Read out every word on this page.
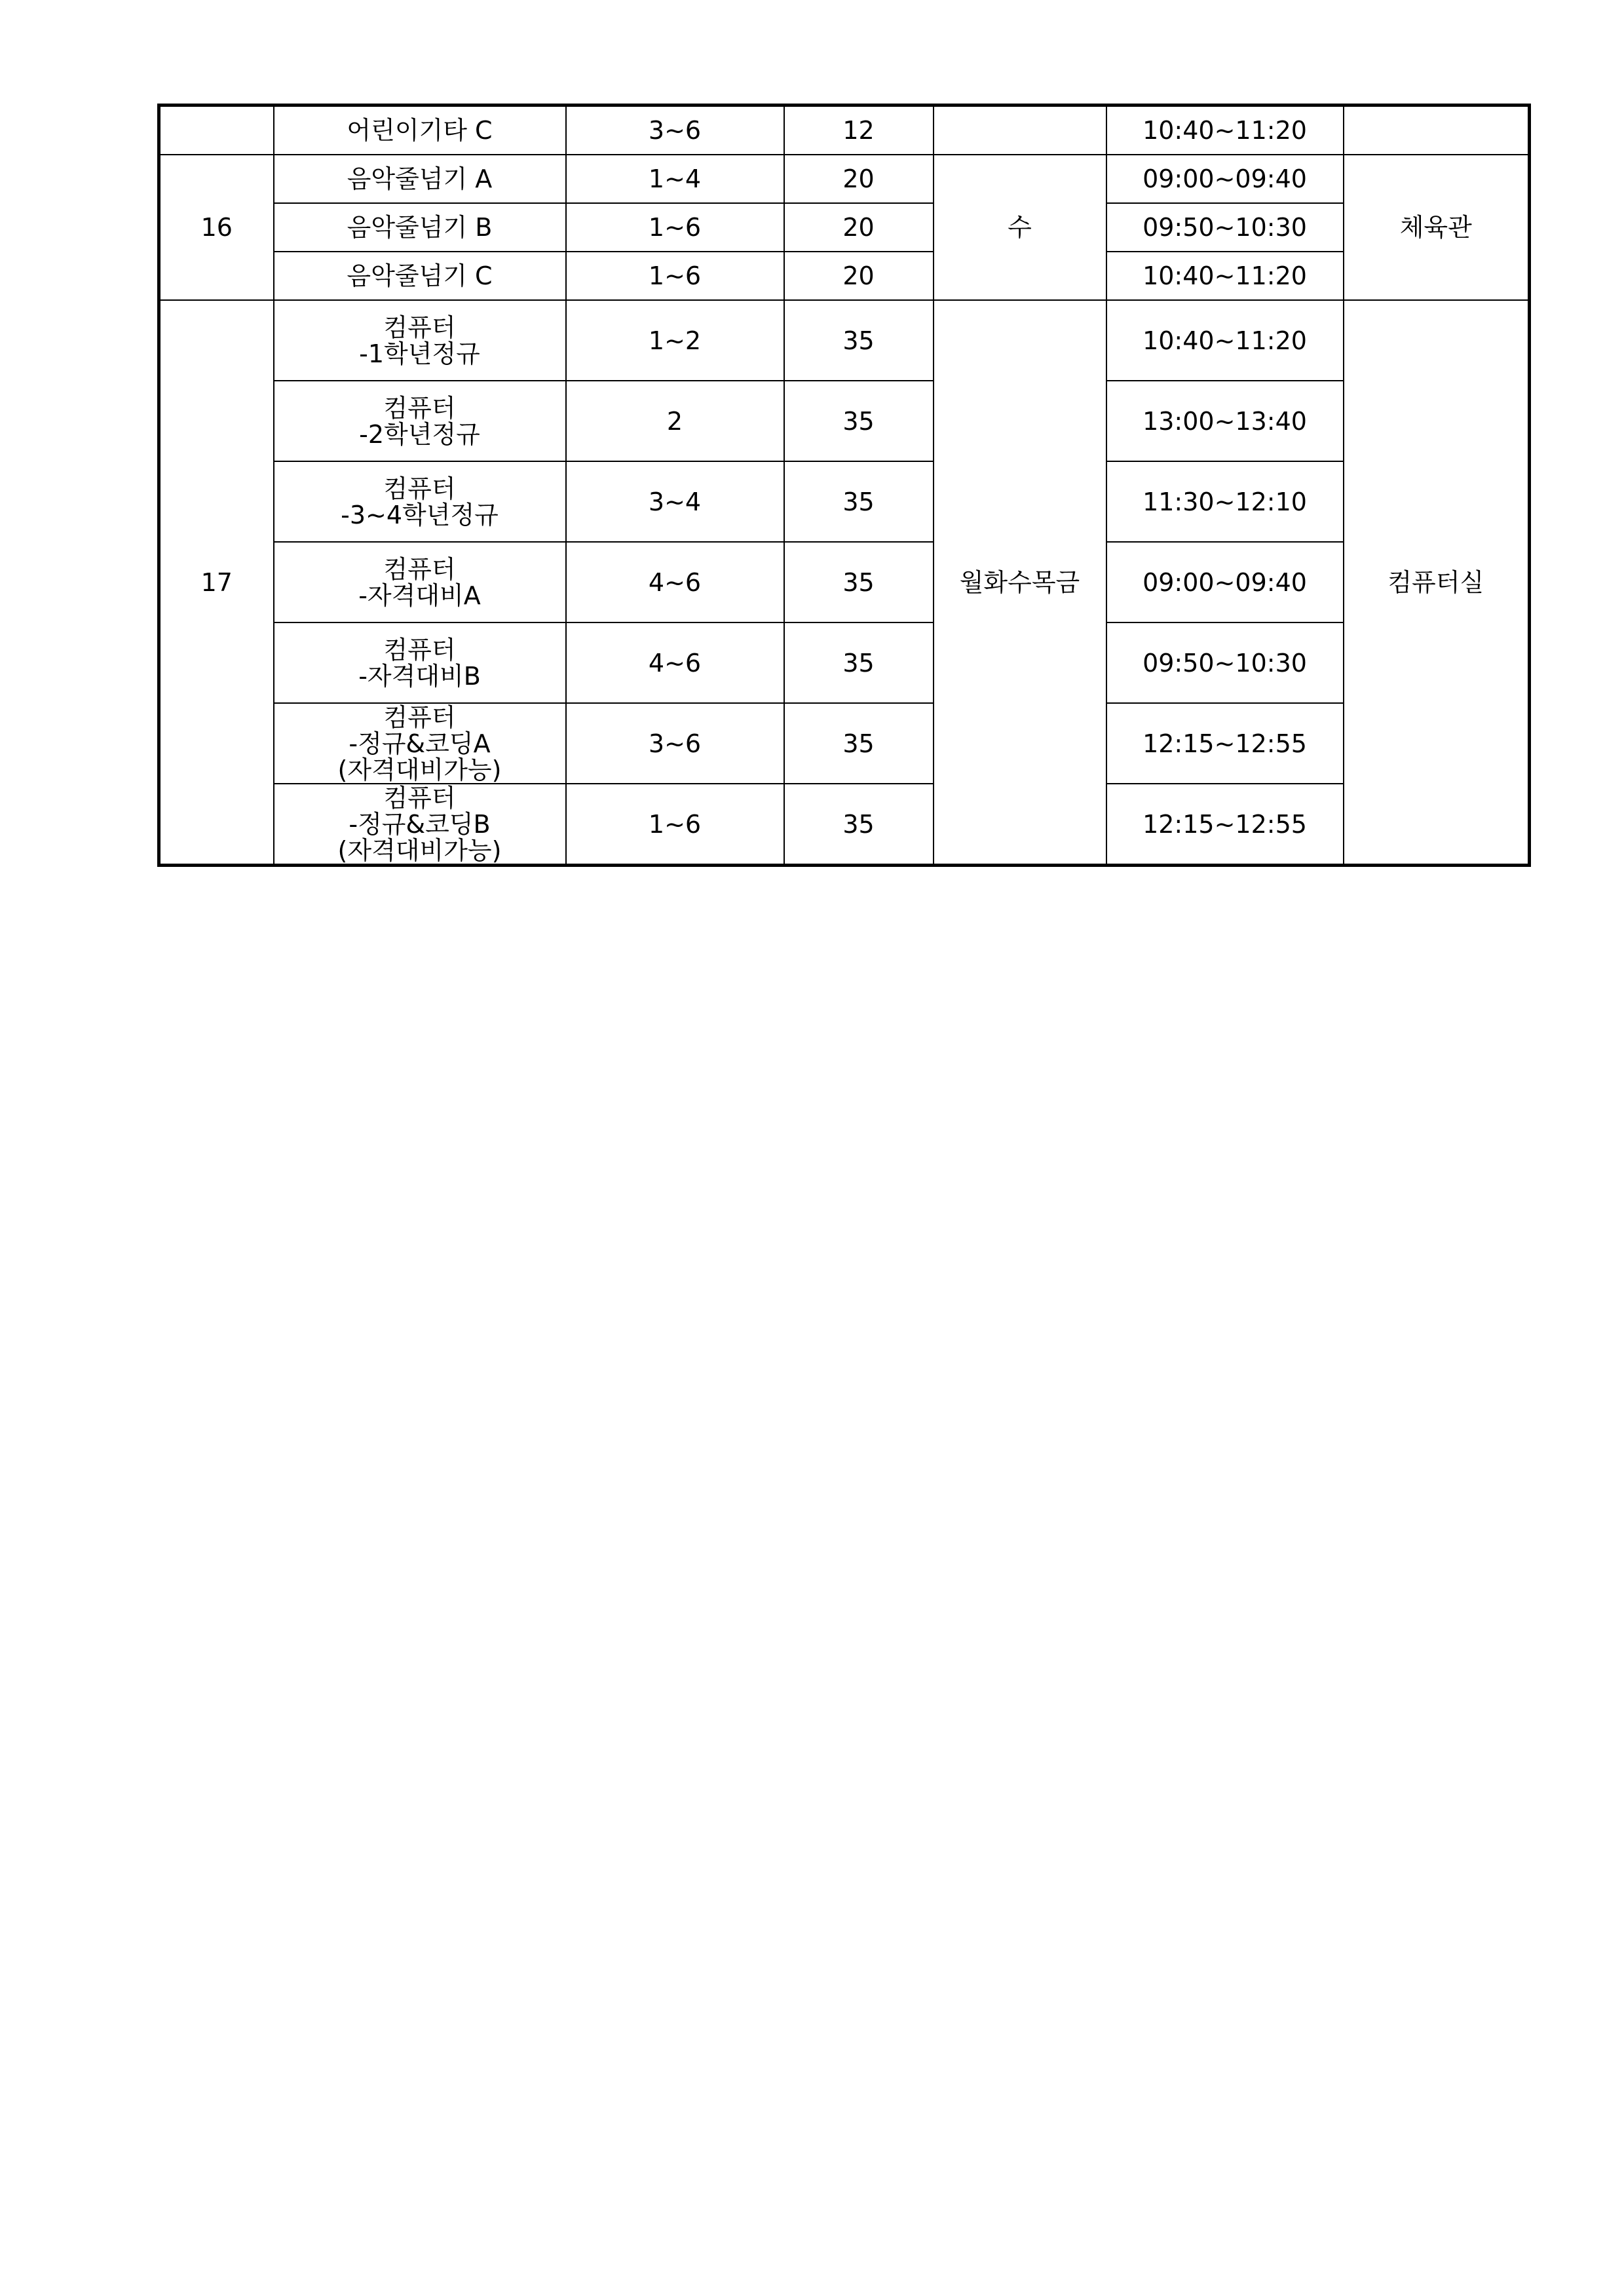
	어린이기타 C	3~6	12		10:40~11:20	
16	음악줄넘기 A	1~4	20	수	09:00~09:40	체육관

	음악줄넘기 B	1~6	20		09:50~10:30	

	음악줄넘기 C	1~6	20		10:40~11:20	
17	컴퓨터
-1학년정규	1~2	35	월화수목금	10:40~11:20	컴퓨터실

	컴퓨터
-2학년정규	2	35		13:00~13:40	

	컴퓨터
-3~4학년정규	3~4	35		11:30~12:10	

	컴퓨터
-자격대비A	4~6	35		09:00~09:40	

	컴퓨터
-자격대비B	4~6	35		09:50~10:30	

	컴퓨터
-정규&코딩A
(자격대비가능)	3~6	35		12:15~12:55	

	컴퓨터
-정규&코딩B
(자격대비가능)	1~6	35		12:15~12:55	
